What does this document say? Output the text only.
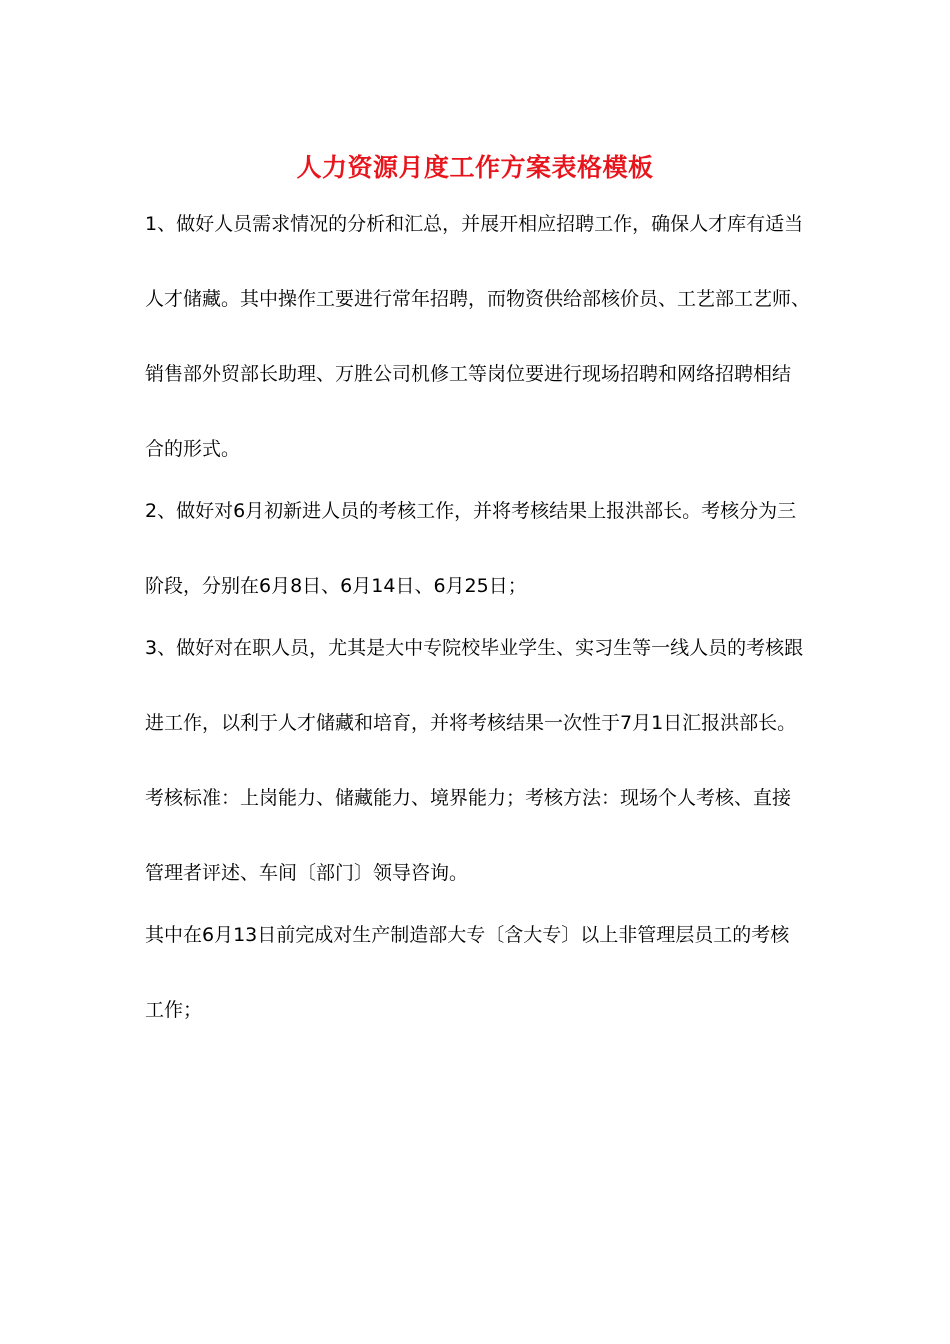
人力资源月度工作方案表格模板
1、做好人员需求情况的分析和汇总，并展开相应招聘工作，确保人才库有适当
人才储藏。其中操作工要进行常年招聘，而物资供给部核价员、工艺部工艺师、
销售部外贸部长助理、万胜公司机修工等岗位要进行现场招聘和网络招聘相结
合的形式。
2、做好对6月初新进人员的考核工作，并将考核结果上报洪部长。考核分为三
阶段，分别在6月8日、6月14日、6月25日；
3、做好对在职人员，尤其是大中专院校毕业学生、实习生等一线人员的考核跟
进工作，以利于人才储藏和培育，并将考核结果一次性于7月1日汇报洪部长。
考核标准：上岗能力、储藏能力、境界能力；考核方法：现场个人考核、直接
管理者评述、车间〔部门〕领导咨询。
其中在6月13日前完成对生产制造部大专〔含大专〕以上非管理层员工的考核
工作；
